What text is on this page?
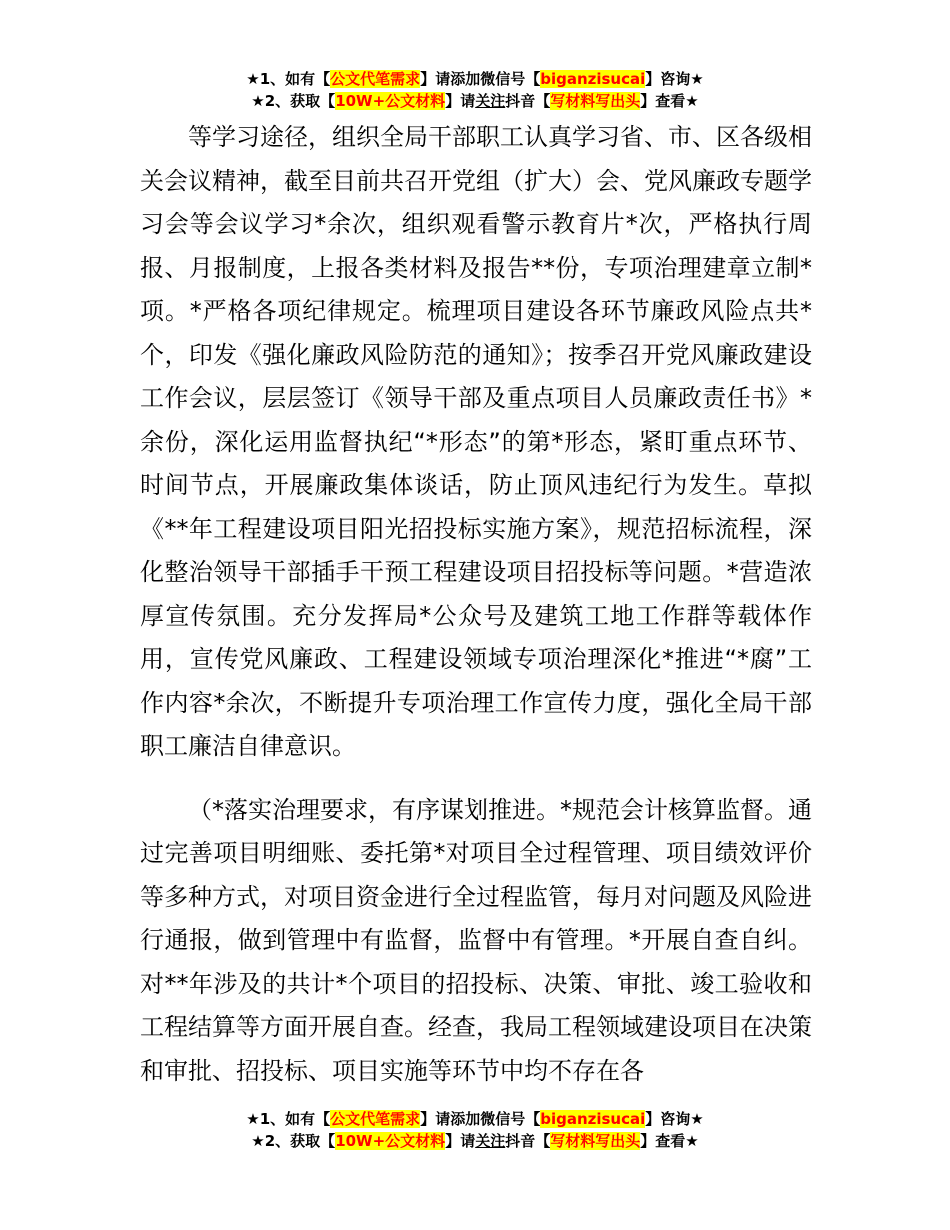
★1、如有【公文代笔需求】请添加微信号【biganzisucai】咨询★
★2、获取【10W+公文材料】请关注抖音【写材料写出头】查看★

等学习途径，组织全局干部职工认真学习省、市、区各级相关会议精神，截至目前共召开党组（扩大）会、党风廉政专题学习会等会议学习*余次，组织观看警示教育片*次，严格执行周报、月报制度，上报各类材料及报告**份，专项治理建章立制*项。*严格各项纪律规定。梳理项目建设各环节廉政风险点共*个，印发《强化廉政风险防范的通知》；按季召开党风廉政建设工作会议，层层签订《领导干部及重点项目人员廉政责任书》*余份，深化运用监督执纪“*形态”的第*形态，紧盯重点环节、时间节点，开展廉政集体谈话，防止顶风违纪行为发生。草拟《**年工程建设项目阳光招投标实施方案》，规范招标流程，深化整治领导干部插手干预工程建设项目招投标等问题。*营造浓厚宣传氛围。充分发挥局*公众号及建筑工地工作群等载体作用，宣传党风廉政、工程建设领域专项治理深化*推进“*腐”工作内容*余次，不断提升专项治理工作宣传力度，强化全局干部职工廉洁自律意识。

（*落实治理要求，有序谋划推进。*规范会计核算监督。通过完善项目明细账、委托第*对项目全过程管理、项目绩效评价等多种方式，对项目资金进行全过程监管，每月对问题及风险进行通报，做到管理中有监督，监督中有管理。*开展自查自纠。对**年涉及的共计*个项目的招投标、决策、审批、竣工验收和工程结算等方面开展自查。经查，我局工程领域建设项目在决策和审批、招投标、项目实施等环节中均不存在各

★1、如有【公文代笔需求】请添加微信号【biganzisucai】咨询★
★2、获取【10W+公文材料】请关注抖音【写材料写出头】查看★
